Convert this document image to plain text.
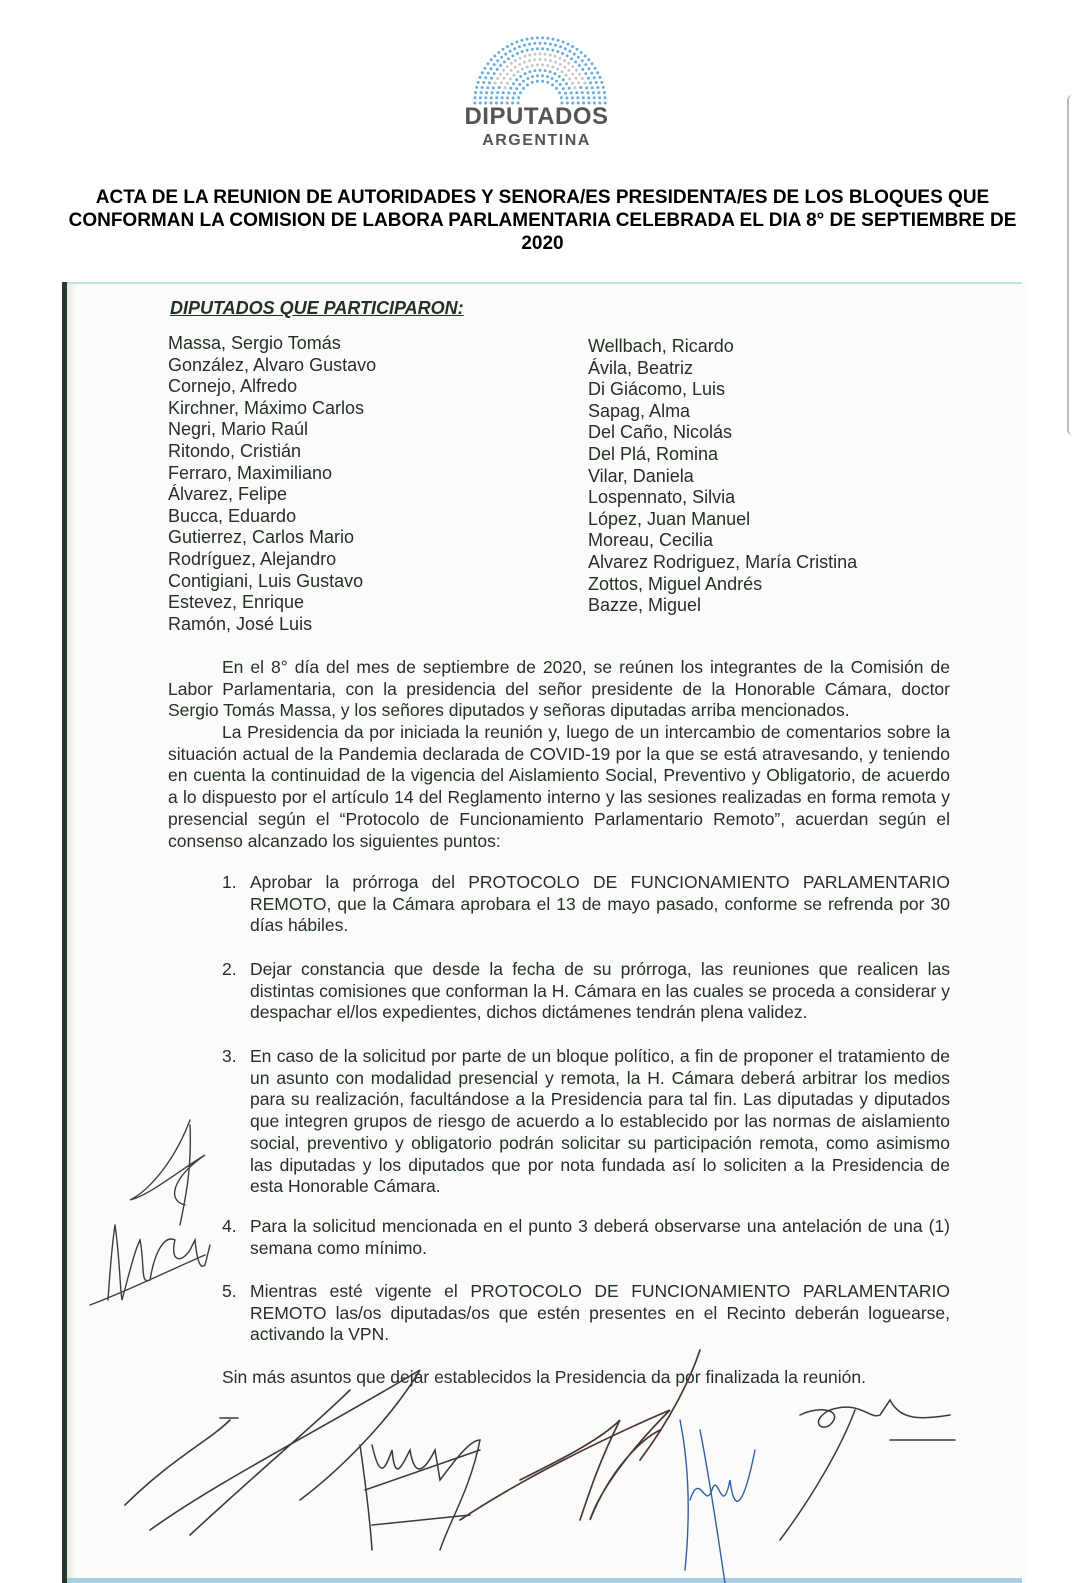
DIPUTADOS
ARGENTINA
ACTA DE LA REUNION DE AUTORIDADES Y SENORA/ES PRESIDENTA/ES DE LOS BLOQUES QUE CONFORMAN LA COMISION DE LABORA PARLAMENTARIA CELEBRADA EL DIA 8° DE SEPTIEMBRE DE 2020
DIPUTADOS QUE PARTICIPARON:
Massa, Sergio Tomás
González, Alvaro Gustavo
Cornejo, Alfredo
Kirchner, Máximo Carlos
Negri, Mario Raúl
Ritondo, Cristián
Ferraro, Maximiliano
Álvarez, Felipe
Bucca, Eduardo
Gutierrez, Carlos Mario
Rodríguez, Alejandro
Contigiani, Luis Gustavo
Estevez, Enrique
Ramón, José Luis
Wellbach, Ricardo
Ávila, Beatriz
Di Giácomo, Luis
Sapag, Alma
Del Caño, Nicolás
Del Plá, Romina
Vilar, Daniela
Lospennato, Silvia
López, Juan Manuel
Moreau, Cecilia
Alvarez Rodriguez, María Cristina
Zottos, Miguel Andrés
Bazze, Miguel
En el 8° día del mes de septiembre de 2020, se reúnen los integrantes de la Comisión de Labor Parlamentaria, con la presidencia del señor presidente de la Honorable Cámara, doctor Sergio Tomás Massa, y los señores diputados y señoras diputadas arriba mencionados.
La Presidencia da por iniciada la reunión y, luego de un intercambio de comentarios sobre la situación actual de la Pandemia declarada de COVID-19 por la que se está atravesando, y teniendo en cuenta la continuidad de la vigencia del Aislamiento Social, Preventivo y Obligatorio, de acuerdo a lo dispuesto por el artículo 14 del Reglamento interno y las sesiones realizadas en forma remota y presencial según el “Protocolo de Funcionamiento Parlamentario Remoto”, acuerdan según el consenso alcanzado los siguientes puntos:
1. Aprobar la prórroga del PROTOCOLO DE FUNCIONAMIENTO PARLAMENTARIO REMOTO, que la Cámara aprobara el 13 de mayo pasado, conforme se refrenda por 30 días hábiles.
2. Dejar constancia que desde la fecha de su prórroga, las reuniones que realicen las distintas comisiones que conforman la H. Cámara en las cuales se proceda a considerar y despachar el/los expedientes, dichos dictámenes tendrán plena validez.
3. En caso de la solicitud por parte de un bloque político, a fin de proponer el tratamiento de un asunto con modalidad presencial y remota, la H. Cámara deberá arbitrar los medios para su realización, facultándose a la Presidencia para tal fin. Las diputadas y diputados que integren grupos de riesgo de acuerdo a lo establecido por las normas de aislamiento social, preventivo y obligatorio podrán solicitar su participación remota, como asimismo las diputadas y los diputados que por nota fundada así lo soliciten a la Presidencia de esta Honorable Cámara.
4. Para la solicitud mencionada en el punto 3 deberá observarse una antelación de una (1) semana como mínimo.
5. Mientras esté vigente el PROTOCOLO DE FUNCIONAMIENTO PARLAMENTARIO REMOTO las/os diputadas/os que estén presentes en el Recinto deberán loguearse, activando la VPN.
Sin más asuntos que dejar establecidos la Presidencia da por finalizada la reunión.
